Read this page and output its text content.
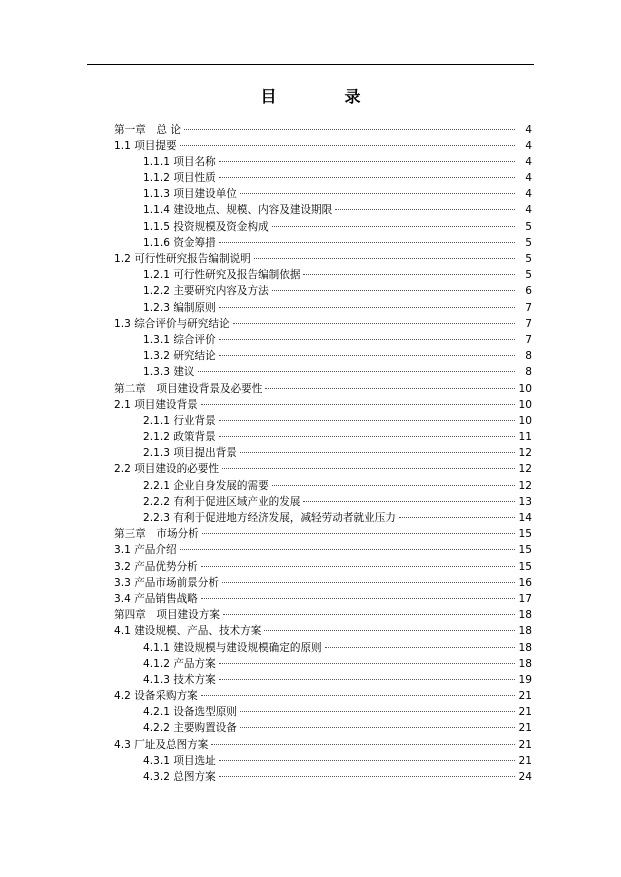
目　录
第一章　总 论	4
1.1 项目提要	4
1.1.1 项目名称	4
1.1.2 项目性质	4
1.1.3 项目建设单位	4
1.1.4 建设地点、规模、内容及建设期限	4
1.1.5 投资规模及资金构成	5
1.1.6 资金筹措	5
1.2 可行性研究报告编制说明	5
1.2.1 可行性研究及报告编制依据	5
1.2.2 主要研究内容及方法	6
1.2.3 编制原则	7
1.3 综合评价与研究结论	7
1.3.1 综合评价	7
1.3.2 研究结论	8
1.3.3 建议	8
第二章　项目建设背景及必要性	10
2.1 项目建设背景	10
2.1.1 行业背景	10
2.1.2 政策背景	11
2.1.3 项目提出背景	12
2.2 项目建设的必要性	12
2.2.1 企业自身发展的需要	12
2.2.2 有利于促进区域产业的发展	13
2.2.3 有利于促进地方经济发展，减轻劳动者就业压力	14
第三章　市场分析	15
3.1 产品介绍	15
3.2 产品优势分析	15
3.3 产品市场前景分析	16
3.4 产品销售战略	17
第四章　项目建设方案	18
4.1 建设规模、产品、技术方案	18
4.1.1 建设规模与建设规模确定的原则	18
4.1.2 产品方案	18
4.1.3 技术方案	19
4.2 设备采购方案	21
4.2.1 设备选型原则	21
4.2.2 主要购置设备	21
4.3 厂址及总图方案	21
4.3.1 项目选址	21
4.3.2 总图方案	24
